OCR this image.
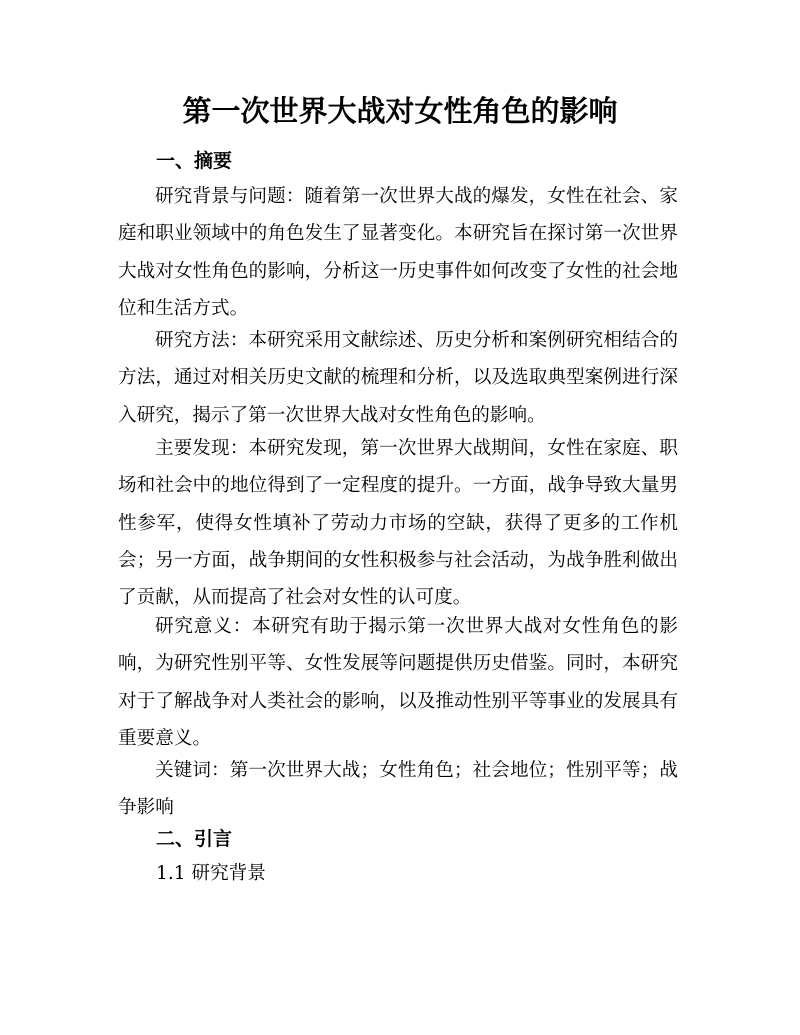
第一次世界大战对女性角色的影响
一、摘要

研究背景与问题：随着第一次世界大战的爆发，女性在社会、家庭和职业领域中的角色发生了显著变化。本研究旨在探讨第一次世界大战对女性角色的影响，分析这一历史事件如何改变了女性的社会地位和生活方式。

研究方法：本研究采用文献综述、历史分析和案例研究相结合的方法，通过对相关历史文献的梳理和分析，以及选取典型案例进行深入研究，揭示了第一次世界大战对女性角色的影响。

主要发现：本研究发现，第一次世界大战期间，女性在家庭、职场和社会中的地位得到了一定程度的提升。一方面，战争导致大量男性参军，使得女性填补了劳动力市场的空缺，获得了更多的工作机会；另一方面，战争期间的女性积极参与社会活动，为战争胜利做出了贡献，从而提高了社会对女性的认可度。

研究意义：本研究有助于揭示第一次世界大战对女性角色的影响，为研究性别平等、女性发展等问题提供历史借鉴。同时，本研究对于了解战争对人类社会的影响，以及推动性别平等事业的发展具有重要意义。

关键词：第一次世界大战；女性角色；社会地位；性别平等；战争影响

二、引言
1.1 研究背景
